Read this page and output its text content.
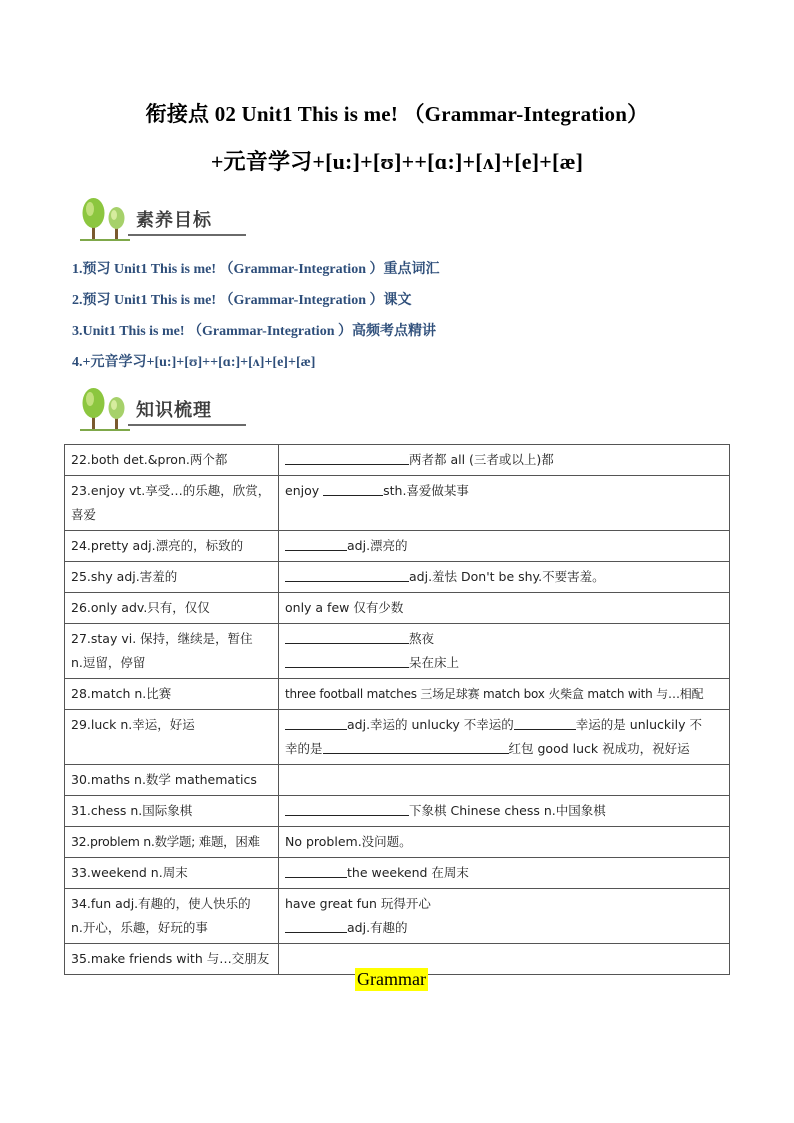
衔接点 02 Unit1 This is me! （Grammar-Integration）
+元音学习+[u:]+[ʊ]++[ɑ:]+[ʌ]+[e]+[æ]
素养目标
1.预习 Unit1 This is me! （Grammar-Integration ）重点词汇
2.预习 Unit1 This is me! （Grammar-Integration ）课文
3.Unit1 This is me! （Grammar-Integration ）高频考点精讲
4.+元音学习+[u:]+[ʊ]++[ɑ:]+[ʌ]+[e]+[æ]
知识梳理
22.both det.&pron.两个都	两者都 all (三者或以上)都
23.enjoy vt.享受…的乐趣，欣赏，
喜爱	enjoy sth.喜爱做某事

24.pretty adj.漂亮的，标致的	adj.漂亮的
25.shy adj.害羞的	adj.羞怯 Don't be shy.不要害羞。
26.only adv.只有，仅仅	only a few 仅有少数
27.stay vi. 保持，继续是，暂住
n.逗留，停留	熬夜
呆在床上
28.match n.比赛	three football matches 三场足球赛 match box 火柴盒 match with 与…相配
29.luck n.幸运，好运	adj.幸运的 unlucky 不幸运的 幸运的是 unluckily 不
幸的是 红包 good luck 祝成功，祝好运
30.maths n.数学 mathematics	
31.chess n.国际象棋	下象棋 Chinese chess n.中国象棋
32.problem n.数学题; 难题，困难	No problem.没问题。
33.weekend n.周末	the weekend 在周末
34.fun adj.有趣的，使人快乐的
n.开心，乐趣，好玩的事	have great fun 玩得开心
adj.有趣的
35.make friends with 与…交朋友	
Grammar
